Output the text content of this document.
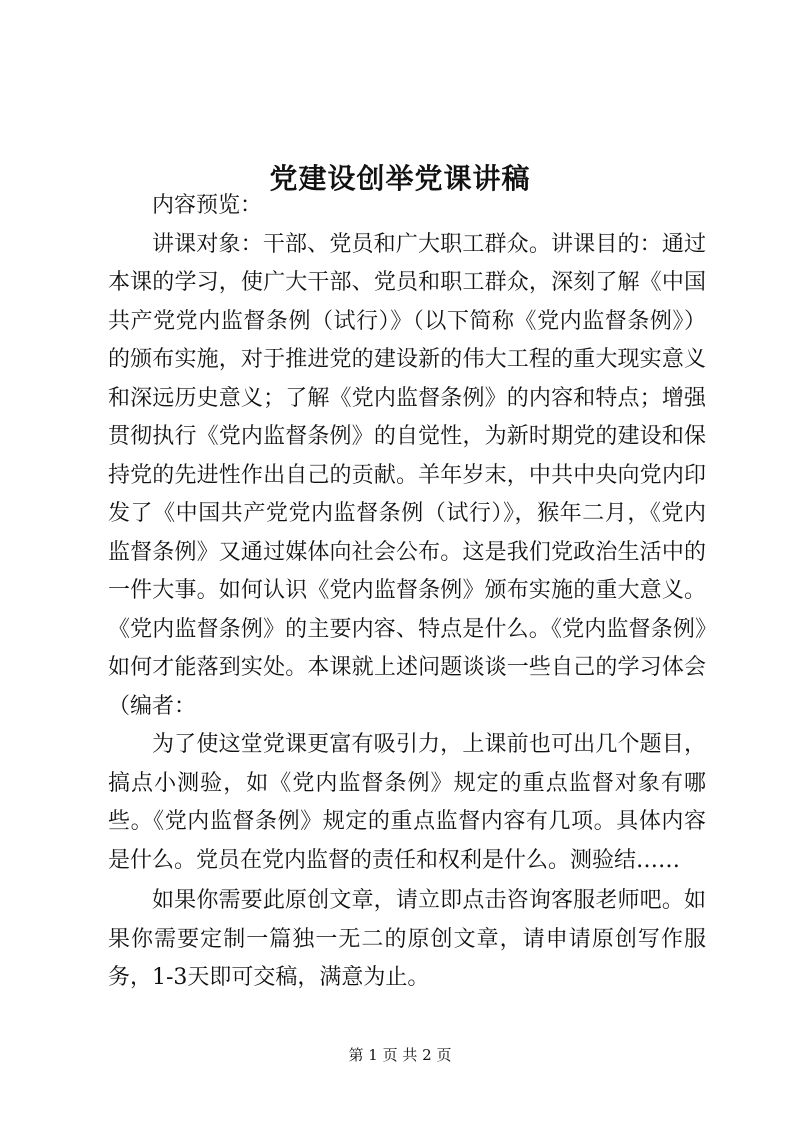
党建设创举党课讲稿

内容预览：

讲课对象：干部、党员和广大职工群众。讲课目的：通过本课的学习，使广大干部、党员和职工群众，深刻了解《中国共产党党内监督条例（试行）》（以下简称《党内监督条例》）的颁布实施，对于推进党的建设新的伟大工程的重大现实意义和深远历史意义；了解《党内监督条例》的内容和特点；增强贯彻执行《党内监督条例》的自觉性，为新时期党的建设和保持党的先进性作出自己的贡献。羊年岁末，中共中央向党内印发了《中国共产党党内监督条例（试行）》，猴年二月，《党内监督条例》又通过媒体向社会公布。这是我们党政治生活中的一件大事。如何认识《党内监督条例》颁布实施的重大意义。《党内监督条例》的主要内容、特点是什么。《党内监督条例》如何才能落到实处。本课就上述问题谈谈一些自己的学习体会（编者：

为了使这堂党课更富有吸引力，上课前也可出几个题目，搞点小测验，如《党内监督条例》规定的重点监督对象有哪些。《党内监督条例》规定的重点监督内容有几项。具体内容是什么。党员在党内监督的责任和权利是什么。测验结……

如果你需要此原创文章，请立即点击咨询客服老师吧。如果你需要定制一篇独一无二的原创文章，请申请原创写作服务，1-3天即可交稿，满意为止。

第 1 页 共 2 页
